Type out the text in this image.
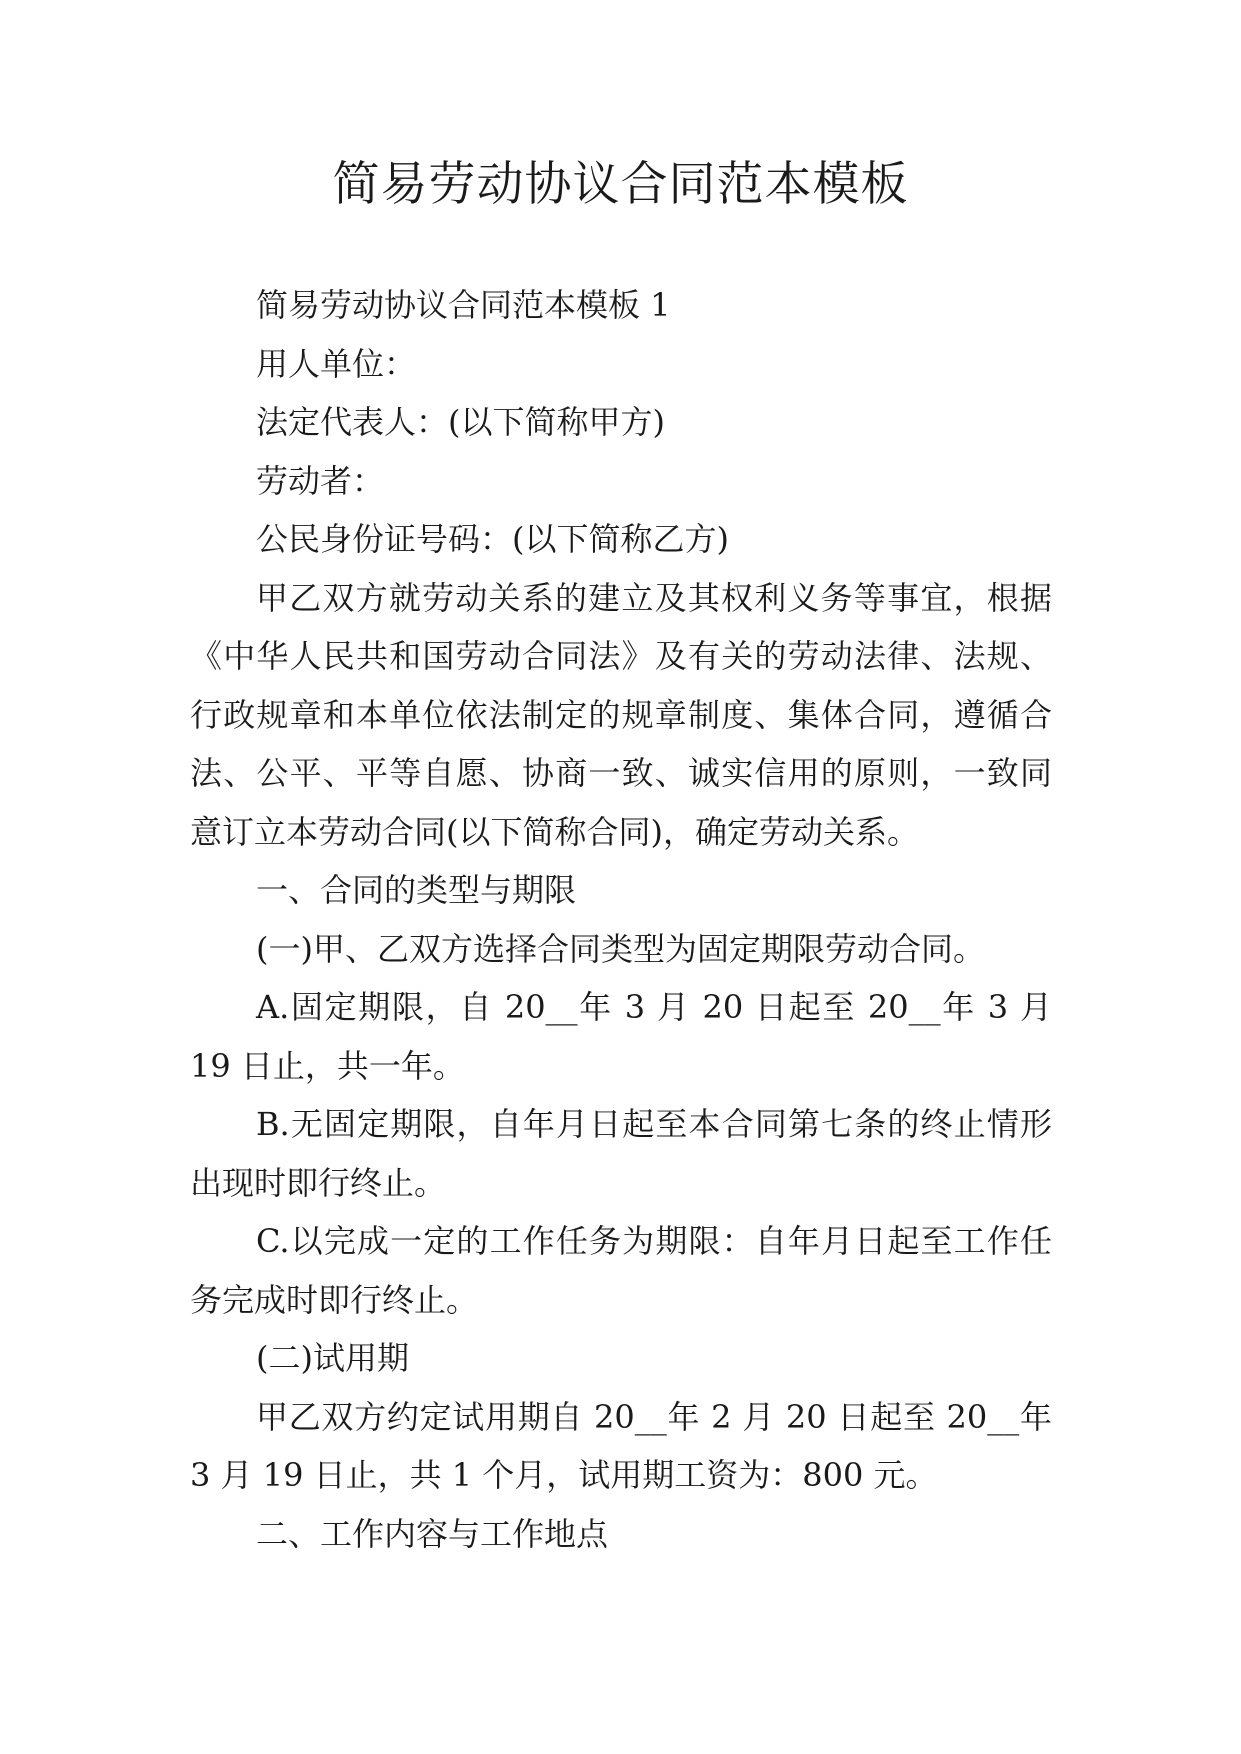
简易劳动协议合同范本模板

简易劳动协议合同范本模板 1

用人单位：

法定代表人：(以下简称甲方)

劳动者：

公民身份证号码：(以下简称乙方)

甲乙双方就劳动关系的建立及其权利义务等事宜，根据《中华人民共和国劳动合同法》及有关的劳动法律、法规、行政规章和本单位依法制定的规章制度、集体合同，遵循合法、公平、平等自愿、协商一致、诚实信用的原则，一致同意订立本劳动合同(以下简称合同)，确定劳动关系。

一、合同的类型与期限

(一)甲、乙双方选择合同类型为固定期限劳动合同。

A.固定期限，自 20__年 3 月 20 日起至 20__年 3 月 19 日止，共一年。

B.无固定期限，自年月日起至本合同第七条的终止情形出现时即行终止。

C.以完成一定的工作任务为期限：自年月日起至工作任务完成时即行终止。

(二)试用期

甲乙双方约定试用期自 20__年 2 月 20 日起至 20__年 3 月 19 日止，共 1 个月，试用期工资为：800 元。

二、工作内容与工作地点
